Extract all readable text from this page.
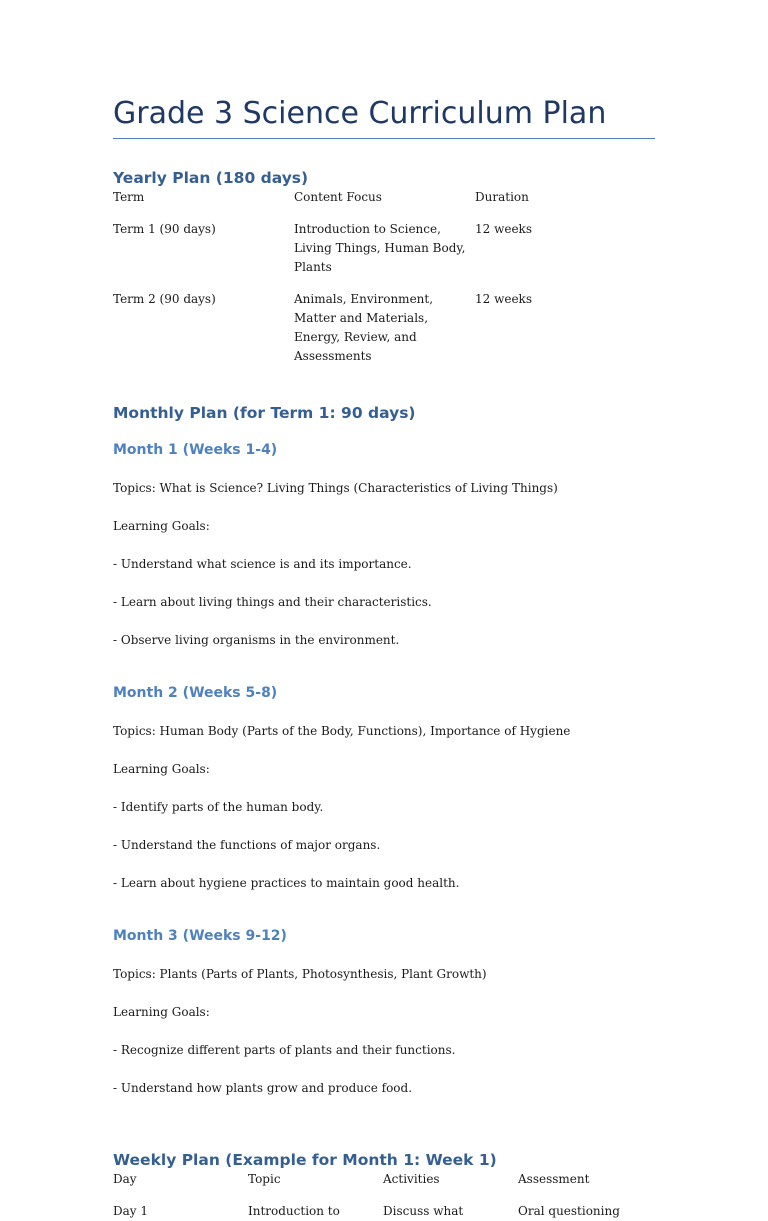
Grade 3 Science Curriculum Plan
Yearly Plan (180 days)
Term	Content Focus	Duration
Term 1 (90 days)	Introduction to Science,
Living Things, Human Body,
Plants	12 weeks
Term 2 (90 days)	Animals, Environment,
Matter and Materials,
Energy, Review, and
Assessments	12 weeks
Monthly Plan (for Term 1: 90 days)
Month 1 (Weeks 1-4)

Topics: What is Science? Living Things (Characteristics of Living Things)

Learning Goals:

- Understand what science is and its importance.

- Learn about living things and their characteristics.

- Observe living organisms in the environment.

Month 2 (Weeks 5-8)

Topics: Human Body (Parts of the Body, Functions), Importance of Hygiene

Learning Goals:

- Identify parts of the human body.

- Understand the functions of major organs.

- Learn about hygiene practices to maintain good health.

Month 3 (Weeks 9-12)

Topics: Plants (Parts of Plants, Photosynthesis, Plant Growth)

Learning Goals:

- Recognize different parts of plants and their functions.

- Understand how plants grow and produce food.

Weekly Plan (Example for Month 1: Week 1)
Day	Topic	Activities	Assessment
Day 1	Introduction to	Discuss what	Oral questioning
